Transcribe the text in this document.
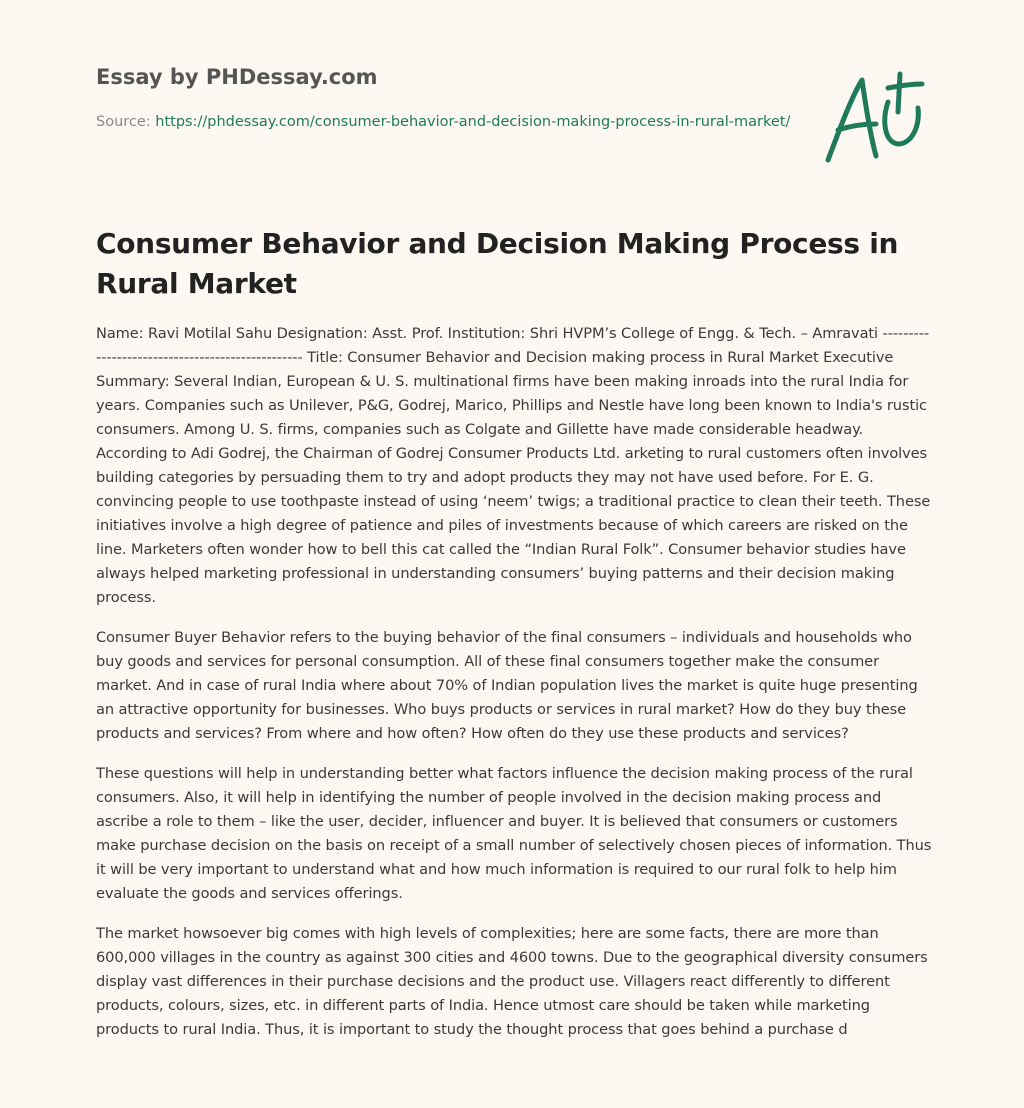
Essay by PHDessay.com
Source: https://phdessay.com/consumer-behavior-and-decision-making-process-in-rural-market/
Consumer Behavior and Decision Making Process in Rural Market

Name: Ravi Motilal Sahu Designation: Asst. Prof. Institution: Shri HVPM’s College of Engg. & Tech. – Amravati ------------------------------------------------- Title: Consumer Behavior and Decision making process in Rural Market Executive Summary: Several Indian, European & U. S. multinational firms have been making inroads into the rural India for years. Companies such as Unilever, P&G, Godrej, Marico, Phillips and Nestle have long been known to India's rustic consumers. Among U. S. firms, companies such as Colgate and Gillette have made considerable headway. According to Adi Godrej, the Chairman of Godrej Consumer Products Ltd. arketing to rural customers often involves building categories by persuading them to try and adopt products they may not have used before. For E. G. convincing people to use toothpaste instead of using ‘neem’ twigs; a traditional practice to clean their teeth. These initiatives involve a high degree of patience and piles of investments because of which careers are risked on the line. Marketers often wonder how to bell this cat called the “Indian Rural Folk”. Consumer behavior studies have always helped marketing professional in understanding consumers’ buying patterns and their decision making process.

Consumer Buyer Behavior refers to the buying behavior of the final consumers – individuals and households who buy goods and services for personal consumption. All of these final consumers together make the consumer market. And in case of rural India where about 70% of Indian population lives the market is quite huge presenting an attractive opportunity for businesses. Who buys products or services in rural market? How do they buy these products and services? From where and how often? How often do they use these products and services?

These questions will help in understanding better what factors influence the decision making process of the rural consumers. Also, it will help in identifying the number of people involved in the decision making process and ascribe a role to them – like the user, decider, influencer and buyer. It is believed that consumers or customers make purchase decision on the basis on receipt of a small number of selectively chosen pieces of information. Thus it will be very important to understand what and how much information is required to our rural folk to help him evaluate the goods and services offerings.

The market howsoever big comes with high levels of complexities; here are some facts, there are more than 600,000 villages in the country as against 300 cities and 4600 towns. Due to the geographical diversity consumers display vast differences in their purchase decisions and the product use. Villagers react differently to different products, colours, sizes, etc. in different parts of India. Hence utmost care should be taken while marketing products to rural India. Thus, it is important to study the thought process that goes behind a purchase d
